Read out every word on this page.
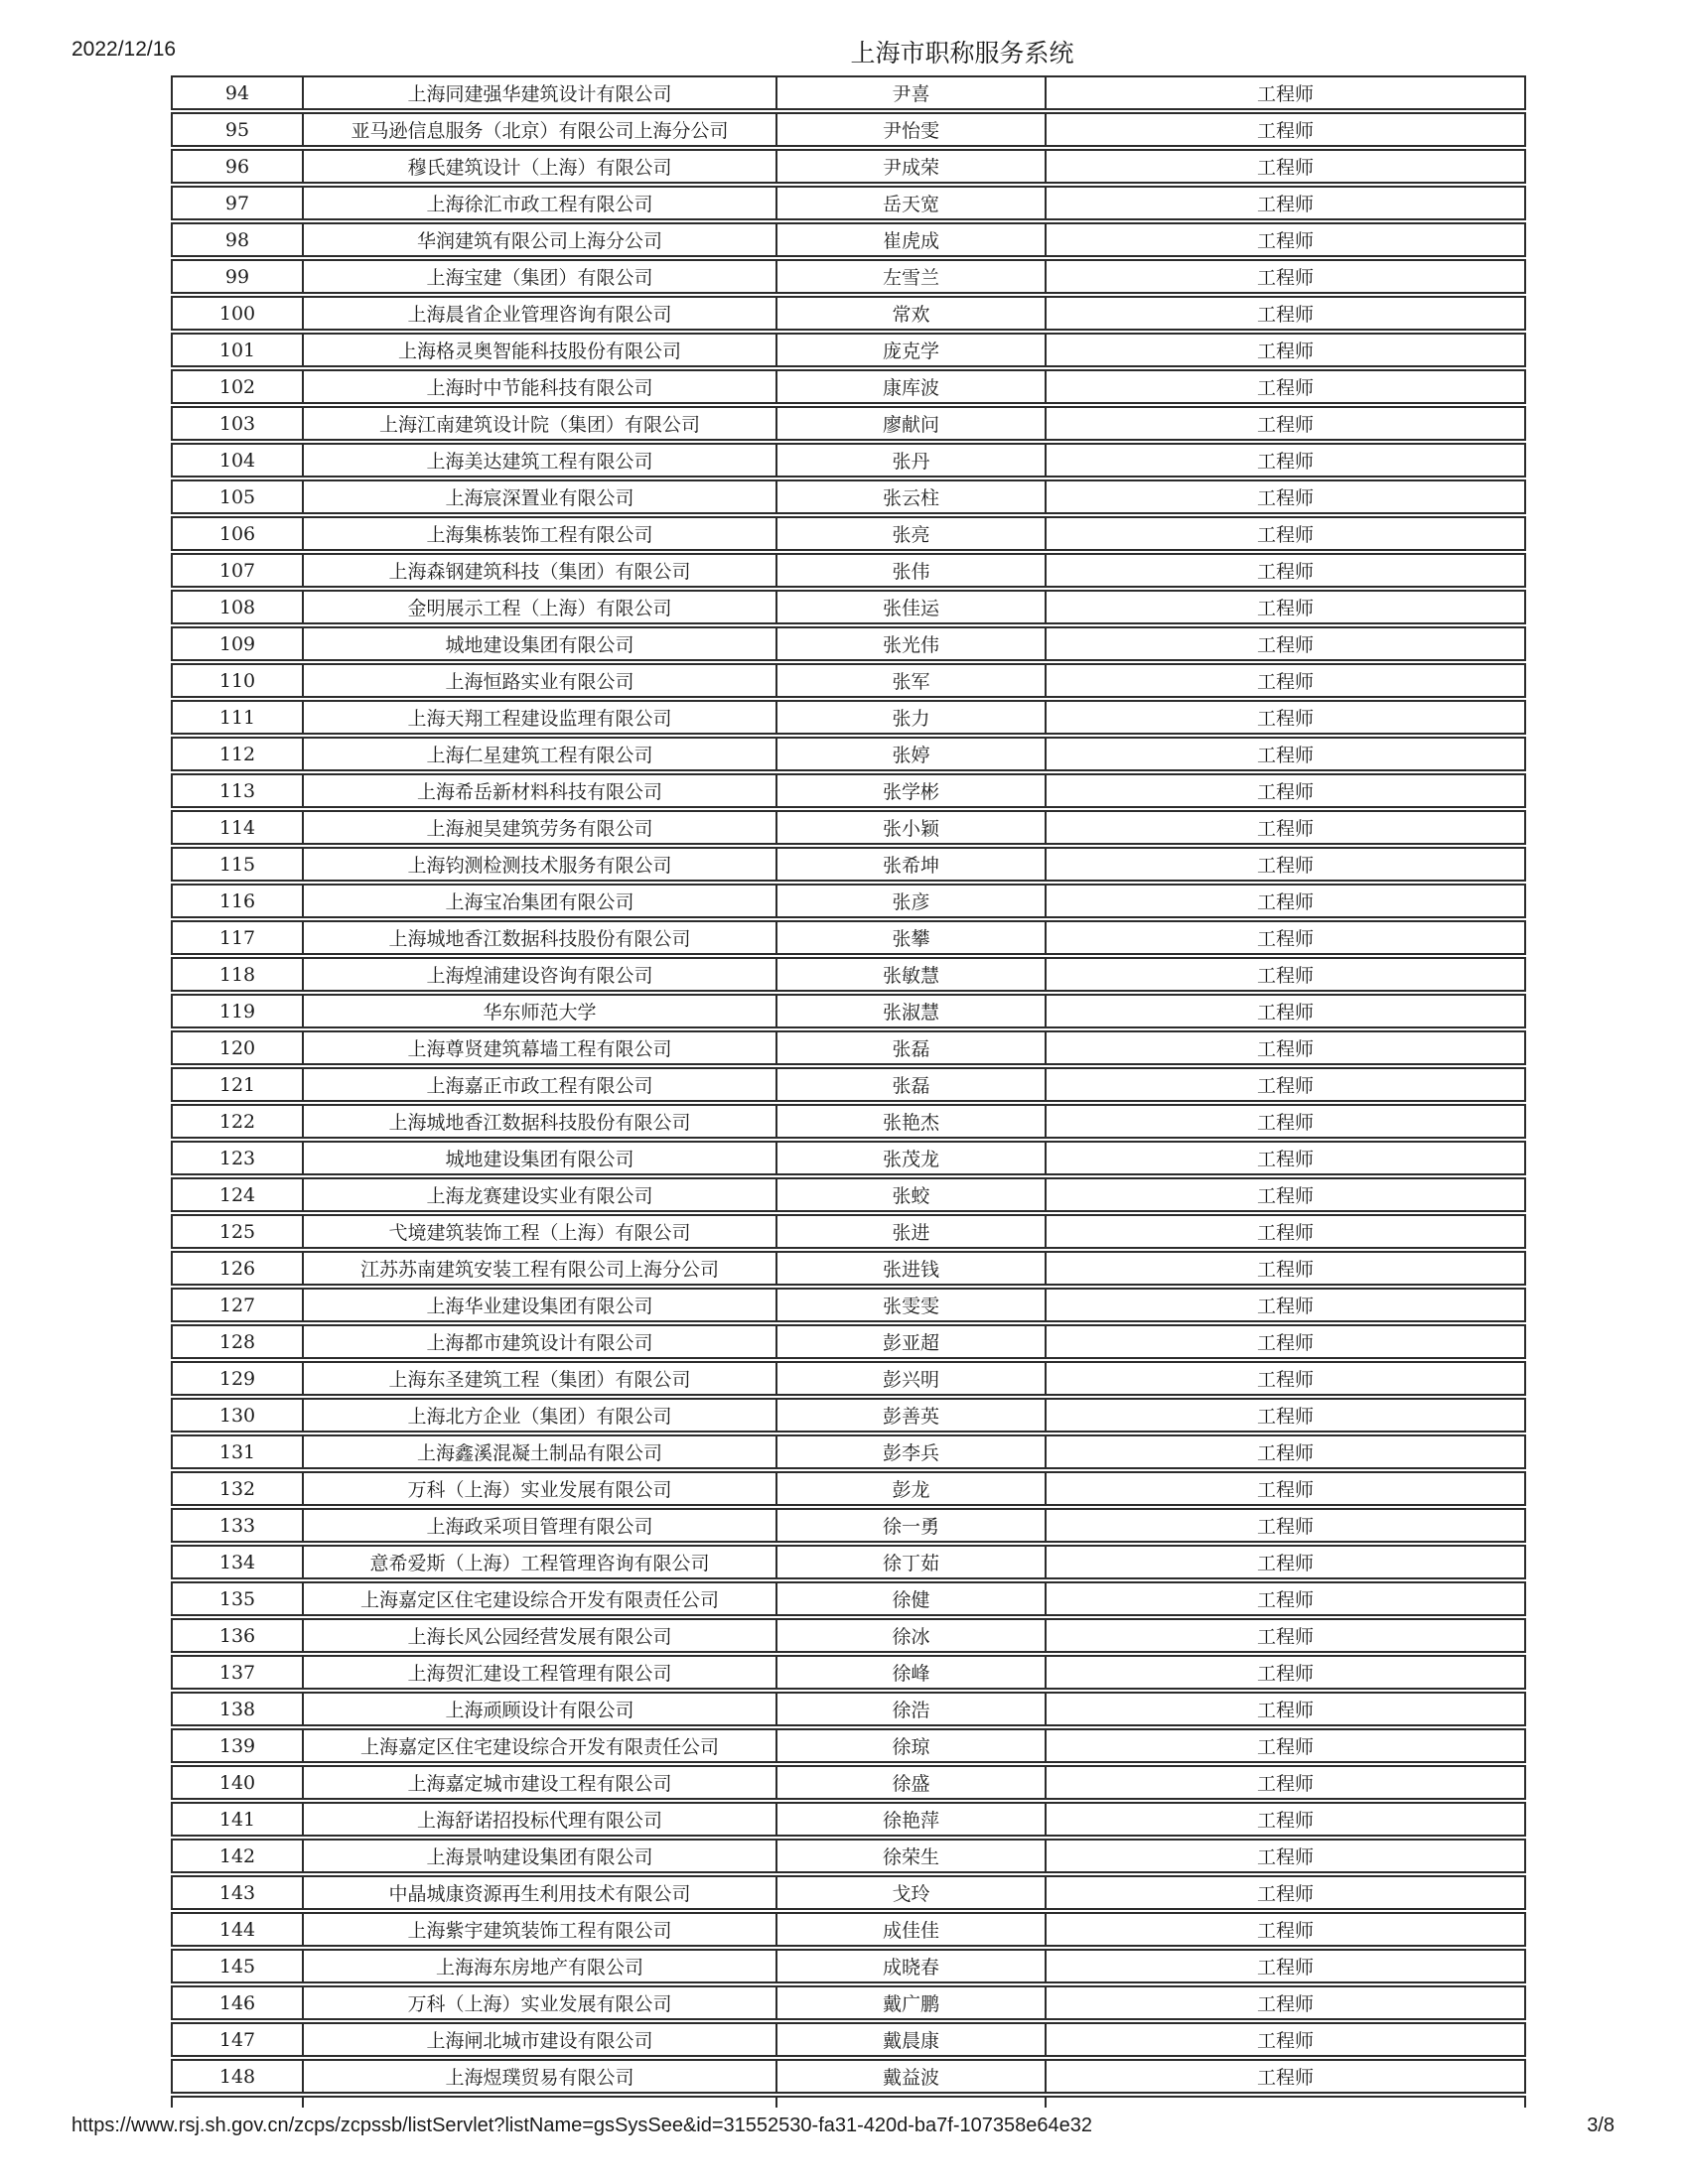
2022/12/16	上海市职称服务系统
94	上海同建强华建筑设计有限公司	尹喜	工程师
95	亚马逊信息服务（北京）有限公司上海分公司	尹怡雯	工程师
96	穆氏建筑设计（上海）有限公司	尹成荣	工程师
97	上海徐汇市政工程有限公司	岳天宽	工程师
98	华润建筑有限公司上海分公司	崔虎成	工程师
99	上海宝建（集团）有限公司	左雪兰	工程师
100	上海晨省企业管理咨询有限公司	常欢	工程师
101	上海格灵奥智能科技股份有限公司	庞克学	工程师
102	上海时中节能科技有限公司	康库波	工程师
103	上海江南建筑设计院（集团）有限公司	廖献问	工程师
104	上海美达建筑工程有限公司	张丹	工程师
105	上海宸深置业有限公司	张云柱	工程师
106	上海集栋装饰工程有限公司	张亮	工程师
107	上海森钢建筑科技（集团）有限公司	张伟	工程师
108	金明展示工程（上海）有限公司	张佳运	工程师
109	城地建设集团有限公司	张光伟	工程师
110	上海恒路实业有限公司	张军	工程师
111	上海天翔工程建设监理有限公司	张力	工程师
112	上海仁星建筑工程有限公司	张婷	工程师
113	上海希岳新材料科技有限公司	张学彬	工程师
114	上海昶昊建筑劳务有限公司	张小颖	工程师
115	上海钧测检测技术服务有限公司	张希坤	工程师
116	上海宝冶集团有限公司	张彦	工程师
117	上海城地香江数据科技股份有限公司	张攀	工程师
118	上海煌浦建设咨询有限公司	张敏慧	工程师
119	华东师范大学	张淑慧	工程师
120	上海尊贤建筑幕墙工程有限公司	张磊	工程师
121	上海嘉正市政工程有限公司	张磊	工程师
122	上海城地香江数据科技股份有限公司	张艳杰	工程师
123	城地建设集团有限公司	张茂龙	工程师
124	上海龙赛建设实业有限公司	张蛟	工程师
125	弋境建筑装饰工程（上海）有限公司	张进	工程师
126	江苏苏南建筑安装工程有限公司上海分公司	张进钱	工程师
127	上海华业建设集团有限公司	张雯雯	工程师
128	上海都市建筑设计有限公司	彭亚超	工程师
129	上海东圣建筑工程（集团）有限公司	彭兴明	工程师
130	上海北方企业（集团）有限公司	彭善英	工程师
131	上海鑫溪混凝土制品有限公司	彭李兵	工程师
132	万科（上海）实业发展有限公司	彭龙	工程师
133	上海政采项目管理有限公司	徐一勇	工程师
134	意希爱斯（上海）工程管理咨询有限公司	徐丁茹	工程师
135	上海嘉定区住宅建设综合开发有限责任公司	徐健	工程师
136	上海长风公园经营发展有限公司	徐冰	工程师
137	上海贺汇建设工程管理有限公司	徐峰	工程师
138	上海顽顾设计有限公司	徐浩	工程师
139	上海嘉定区住宅建设综合开发有限责任公司	徐琼	工程师
140	上海嘉定城市建设工程有限公司	徐盛	工程师
141	上海舒诺招投标代理有限公司	徐艳萍	工程师
142	上海景呐建设集团有限公司	徐荣生	工程师
143	中晶城康资源再生利用技术有限公司	戈玲	工程师
144	上海紫宇建筑装饰工程有限公司	成佳佳	工程师
145	上海海东房地产有限公司	成晓春	工程师
146	万科（上海）实业发展有限公司	戴广鹏	工程师
147	上海闸北城市建设有限公司	戴晨康	工程师
148	上海煜璞贸易有限公司	戴益波	工程师
https://www.rsj.sh.gov.cn/zcps/zcpssb/listServlet?listName=gsSysSee&id=31552530-fa31-420d-ba7f-107358e64e32	3/8
